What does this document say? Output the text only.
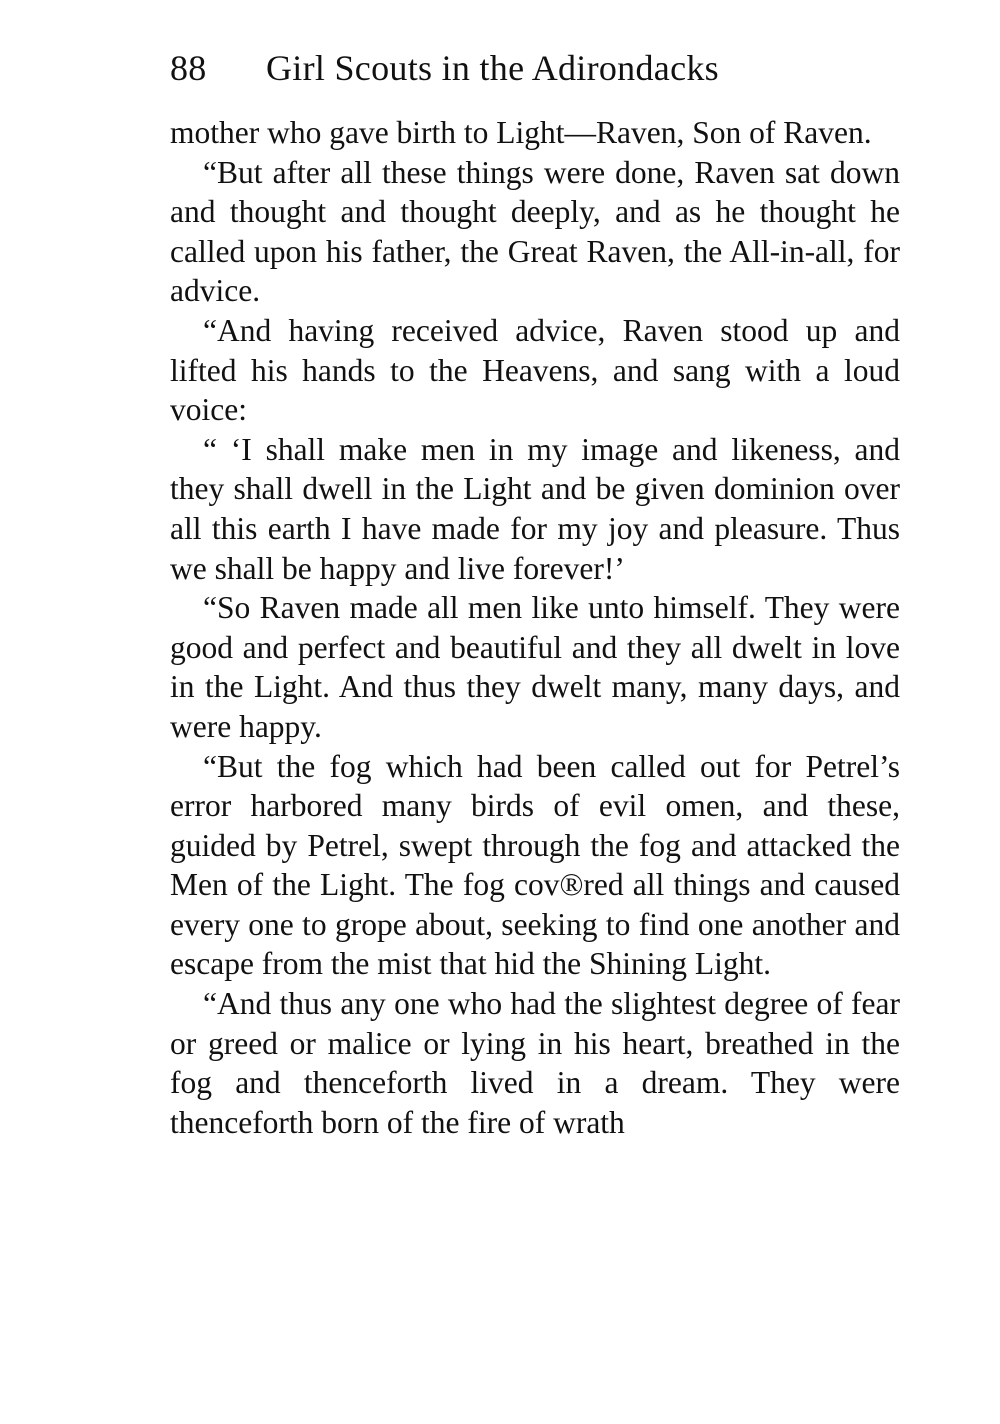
88 Girl Scouts in the Adirondacks

mother who gave birth to Light—Raven, Son of Raven.

“But after all these things were done, Raven sat down and thought and thought deeply, and as he thought he called upon his father, the Great Raven, the All-in-all, for advice.

“And having received advice, Raven stood up and lifted his hands to the Heavens, and sang with a loud voice:

“ ‘I shall make men in my image and likeness, and they shall dwell in the Light and be given dominion over all this earth I have made for my joy and pleasure. Thus we shall be happy and live forever!’

“So Raven made all men like unto himself. They were good and perfect and beautiful and they all dwelt in love in the Light. And thus they dwelt many, many days, and were happy.

“But the fog which had been called out for Petrel’s error harbored many birds of evil omen, and these, guided by Petrel, swept through the fog and attacked the Men of the Light. The fog cov®red all things and caused every one to grope about, seeking to find one another and escape from the mist that hid the Shining Light.

“And thus any one who had the slightest degree of fear or greed or malice or lying in his heart, breathed in the fog and thenceforth lived in a dream. They were thenceforth born of the fire of wrath
